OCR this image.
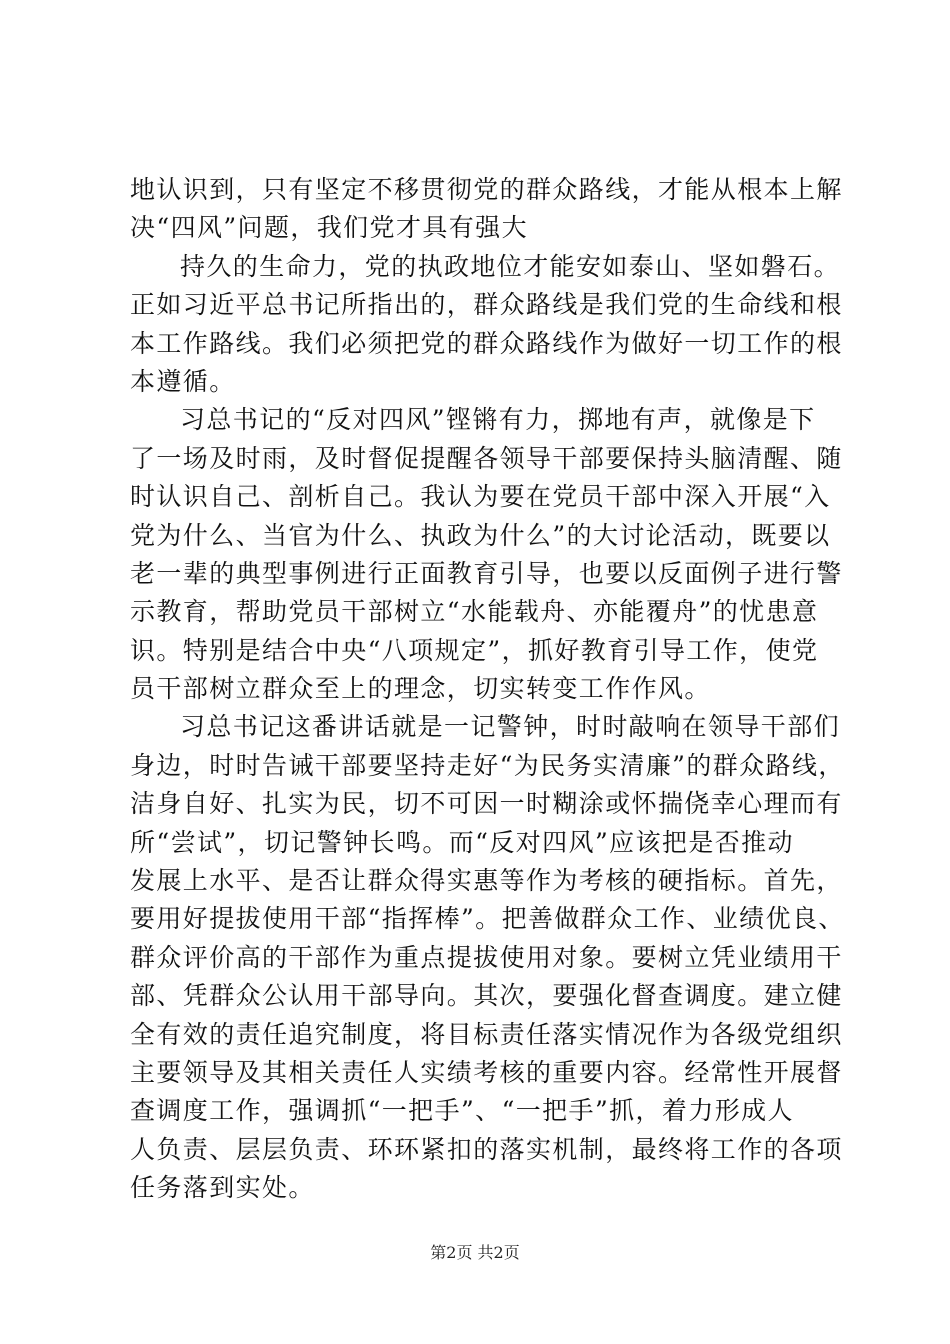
地认识到，只有坚定不移贯彻党的群众路线，才能从根本上解
决“四风”问题，我们党才具有强大
持久的生命力，党的执政地位才能安如泰山、坚如磐石。
正如习近平总书记所指出的，群众路线是我们党的生命线和根
本工作路线。我们必须把党的群众路线作为做好一切工作的根
本遵循。
习总书记的“反对四风”铿锵有力，掷地有声，就像是下
了一场及时雨，及时督促提醒各领导干部要保持头脑清醒、随
时认识自己、剖析自己。我认为要在党员干部中深入开展“入
党为什么、当官为什么、执政为什么”的大讨论活动，既要以
老一辈的典型事例进行正面教育引导，也要以反面例子进行警
示教育，帮助党员干部树立“水能载舟、亦能覆舟”的忧患意
识。特别是结合中央“八项规定”，抓好教育引导工作，使党
员干部树立群众至上的理念，切实转变工作作风。
习总书记这番讲话就是一记警钟，时时敲响在领导干部们
身边，时时告诫干部要坚持走好“为民务实清廉”的群众路线，
洁身自好、扎实为民，切不可因一时糊涂或怀揣侥幸心理而有
所“尝试”，切记警钟长鸣。而“反对四风”应该把是否推动
发展上水平、是否让群众得实惠等作为考核的硬指标。首先，
要用好提拔使用干部“指挥棒”。把善做群众工作、业绩优良、
群众评价高的干部作为重点提拔使用对象。要树立凭业绩用干
部、凭群众公认用干部导向。其次，要强化督查调度。建立健
全有效的责任追究制度，将目标责任落实情况作为各级党组织
主要领导及其相关责任人实绩考核的重要内容。经常性开展督
查调度工作，强调抓“一把手”、“一把手”抓，着力形成人
人负责、层层负责、环环紧扣的落实机制，最终将工作的各项
任务落到实处。
第2页 共2页
